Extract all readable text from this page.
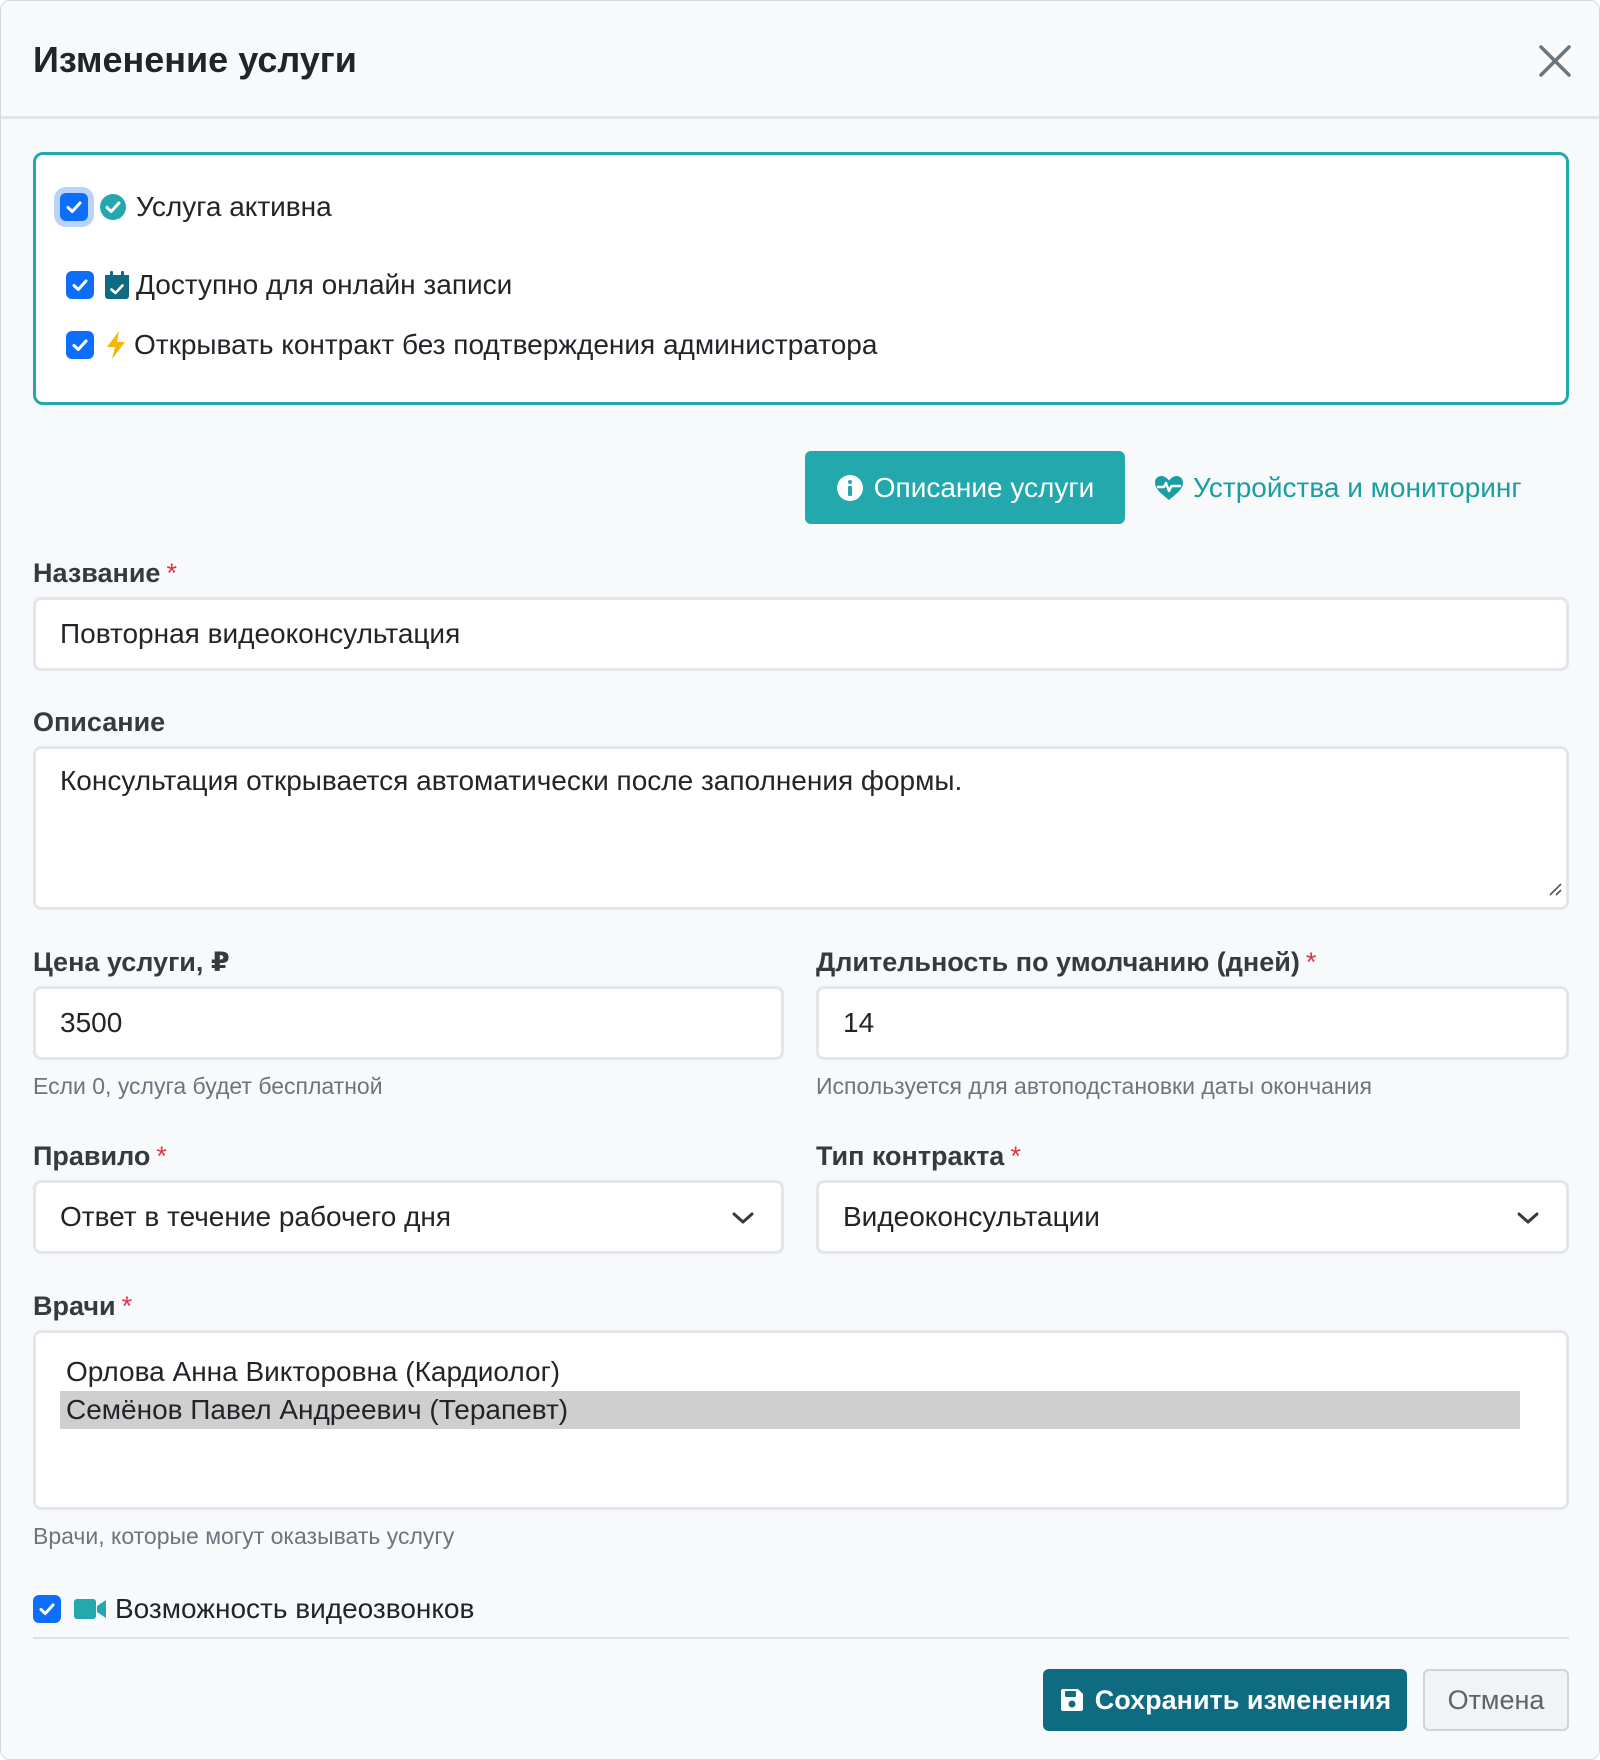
Изменение услуги
Услуга активна
Доступно для онлайн записи
Открывать контракт без подтверждения администратора
Описание услуги	Устройства и мониторинг
Название *
Повторная видеоконсультация
Описание
Консультация открывается автоматически после заполнения формы.
Цена услуги, ₽
3500
Если 0, услуга будет бесплатной
Длительность по умолчанию (дней) *
14
Используется для автоподстановки даты окончания
Правило *
Ответ в течение рабочего дня
Тип контракта *
Видеоконсультации
Врачи *
Орлова Анна Викторовна (Кардиолог)
Семёнов Павел Андреевич (Терапевт)
Врачи, которые могут оказывать услугу
Возможность видеозвонков
Сохранить изменения	Отмена
